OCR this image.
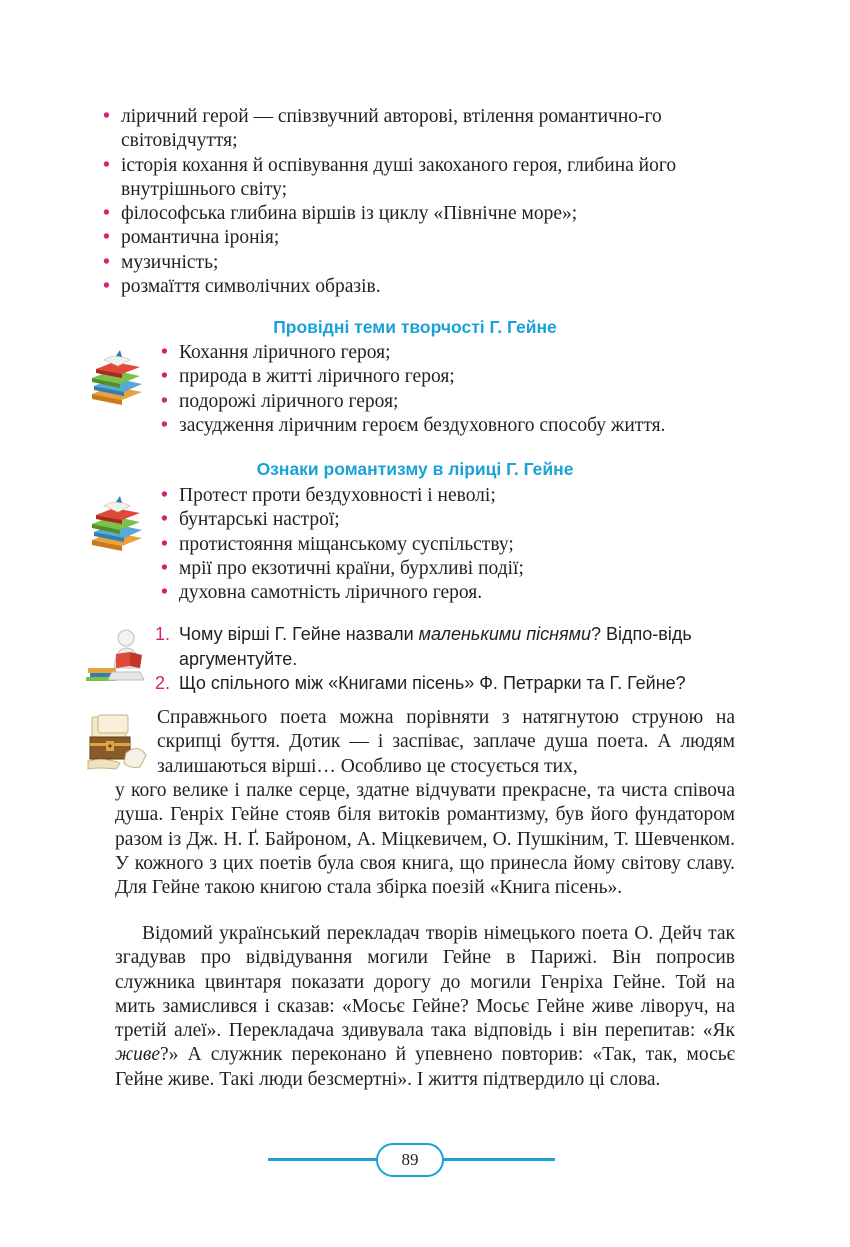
• ліричний герой — співзвучний авторові, втілення романтично-го світовідчуття;
• історія кохання й оспівування душі закоханого героя, глибина його внутрішнього світу;
• філософська глибина віршів із циклу «Північне море»;
• романтична іронія;
• музичність;
• розмаїття символічних образів.
Провідні теми творчості Г. Гейне
• Кохання ліричного героя;
• природа в житті ліричного героя;
• подорожі ліричного героя;
• засудження ліричним героєм бездуховного способу життя.
Ознаки романтизму в ліриці Г. Гейне
• Протест проти бездуховності і неволі;
• бунтарські настрої;
• протистояння міщанському суспільству;
• мрії про екзотичні країни, бурхливі події;
• духовна самотність ліричного героя.
1. Чому вірші Г. Гейне назвали маленькими піснями? Відпо-відь аргументуйте.
2. Що спільного між «Книгами пісень» Ф. Петрарки та Г. Гейне?

Справжнього поета можна порівняти з натягнутою струною на скрипці буття. Дотик — і заспіває, заплаче душа поета. А людям залишаються вірші… Особливо це стосується тих,

у кого велике і палке серце, здатне відчувати прекрасне, та чиста співоча душа. Генріх Гейне стояв біля витоків романтизму, був його фундатором разом із Дж. Н. Ґ. Байроном, А. Міцкевичем, О. Пушкіним, Т. Шевченком. У кожного з цих поетів була своя книга, що принесла йому світову славу. Для Гейне такою книгою стала збірка поезій «Книга пісень».

Відомий український перекладач творів німецького поета О. Дейч так згадував про відвідування могили Гейне в Парижі. Він попросив служника цвинтаря показати дорогу до могили Генріха Гейне. Той на мить замислився і сказав: «Мосьє Гейне? Мосьє Гейне живе ліворуч, на третій алеї». Перекладача здивувала така відповідь і він перепитав: «Як живе?» А служник переконано й упевнено повторив: «Так, так, мосьє Гейне живе. Такі люди безсмертні». І життя підтвердило ці слова.

89
